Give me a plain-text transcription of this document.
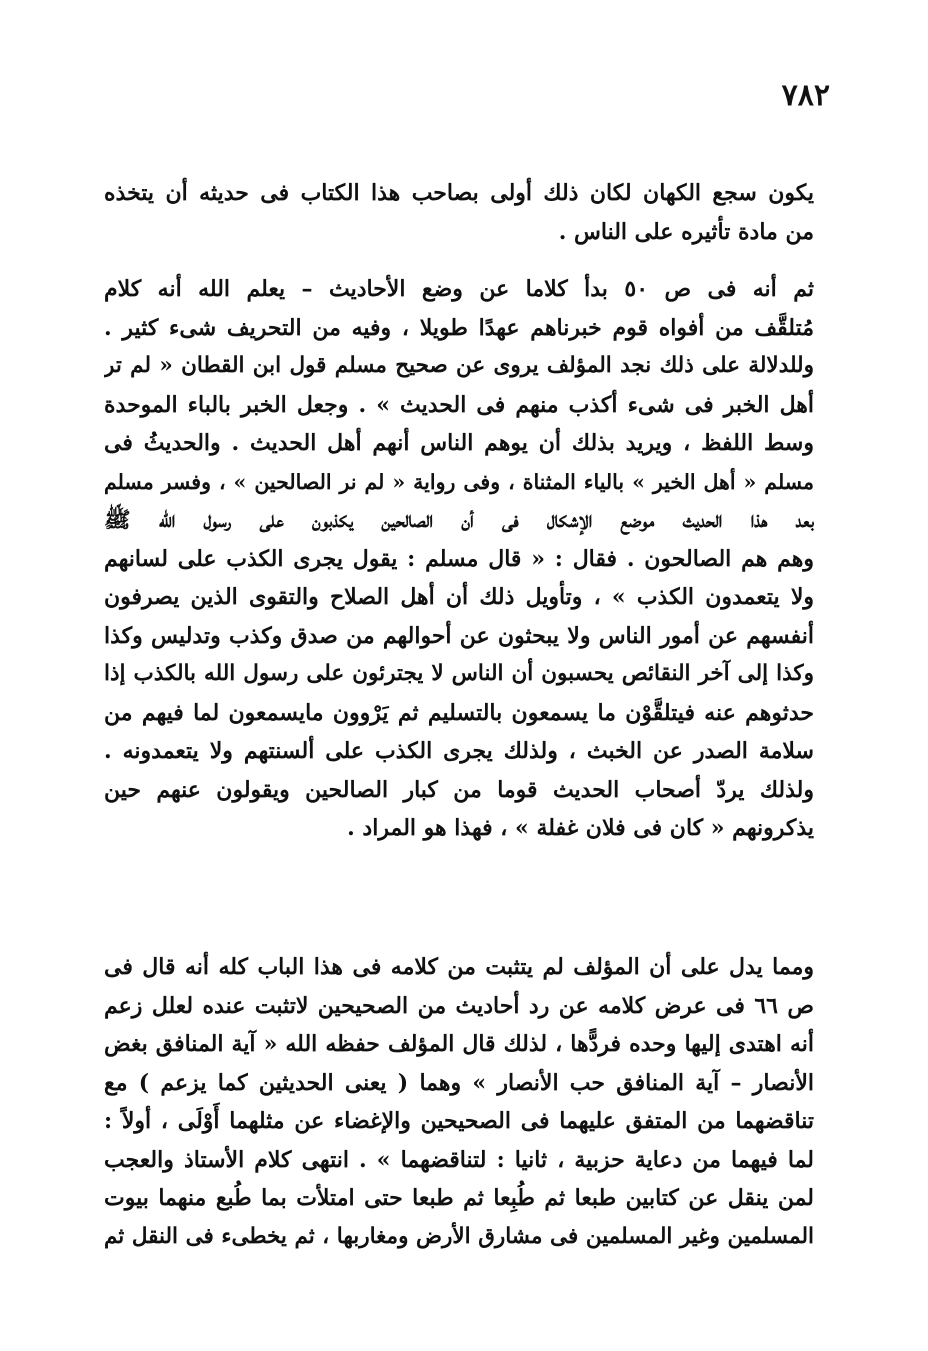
٧٨٢
يكون سجع الكهان لكان ذلك أولى بصاحب هذا الكتاب فى حديثه أن يتخذه
من مادة تأثيره على الناس .
ثم أنه فى ص ٥٠ بدأ كلاما عن وضع الأحاديث – يعلم الله أنه كلام
مُتلقَّف من أفواه قوم خبرناهم عهدًا طويلا ، وفيه من التحريف شىء كثير .
وللدلالة على ذلك نجد المؤلف يروى عن صحيح مسلم قول ابن القطان « لم تر
أهل الخبر فى شىء أكذب منهم فى الحديث » . وجعل الخبر بالباء الموحدة
وسط اللفظ ، ويريد بذلك أن يوهم الناس أنهم أهل الحديث . والحديثُ فى
مسلم « أهل الخير » بالياء المثناة ، وفى رواية « لم نر الصالحين » ، وفسر مسلم
بعد هذا الحديث موضع الإشكال فى أن الصالحين يكذبون على رسول الله ﷺ
وهم هم الصالحون . فقال : « قال مسلم : يقول يجرى الكذب على لسانهم
ولا يتعمدون الكذب » ، وتأويل ذلك أن أهل الصلاح والتقوى الذين يصرفون
أنفسهم عن أمور الناس ولا يبحثون عن أحوالهم من صدق وكذب وتدليس وكذا
وكذا إلى آخر النقائص يحسبون أن الناس لا يجترئون على رسول الله بالكذب إذا
حدثوهم عنه فيتلقَّوْن ما يسمعون بالتسليم ثم يَرْوون مايسمعون لما فيهم من
سلامة الصدر عن الخبث ، ولذلك يجرى الكذب على ألسنتهم ولا يتعمدونه .
ولذلك يردّ أصحاب الحديث قوما من كبار الصالحين ويقولون عنهم حين
يذكرونهم « كان فى فلان غفلة » ، فهذا هو المراد .
ومما يدل على أن المؤلف لم يتثبت من كلامه فى هذا الباب كله أنه قال فى
ص ٦٦ فى عرض كلامه عن رد أحاديث من الصحيحين لاتثبت عنده لعلل زعم
أنه اهتدى إليها وحده فردًّها ، لذلك قال المؤلف حفظه الله « آية المنافق بغض
الأنصار – آية المنافق حب الأنصار » وهما ( يعنى الحديثين كما يزعم ) مع
تناقضهما من المتفق عليهما فى الصحيحين والإغضاء عن مثلهما أَوْلَى ، أولاً :
لما فيهما من دعاية حزبية ، ثانيا : لتناقضهما » . انتهى كلام الأستاذ والعجب
لمن ينقل عن كتابين طبعا ثم طُبِعا ثم طبعا حتى امتلأت بما طُبع منهما بيوت
المسلمين وغير المسلمين فى مشارق الأرض ومغاربها ، ثم يخطىء فى النقل ثم
